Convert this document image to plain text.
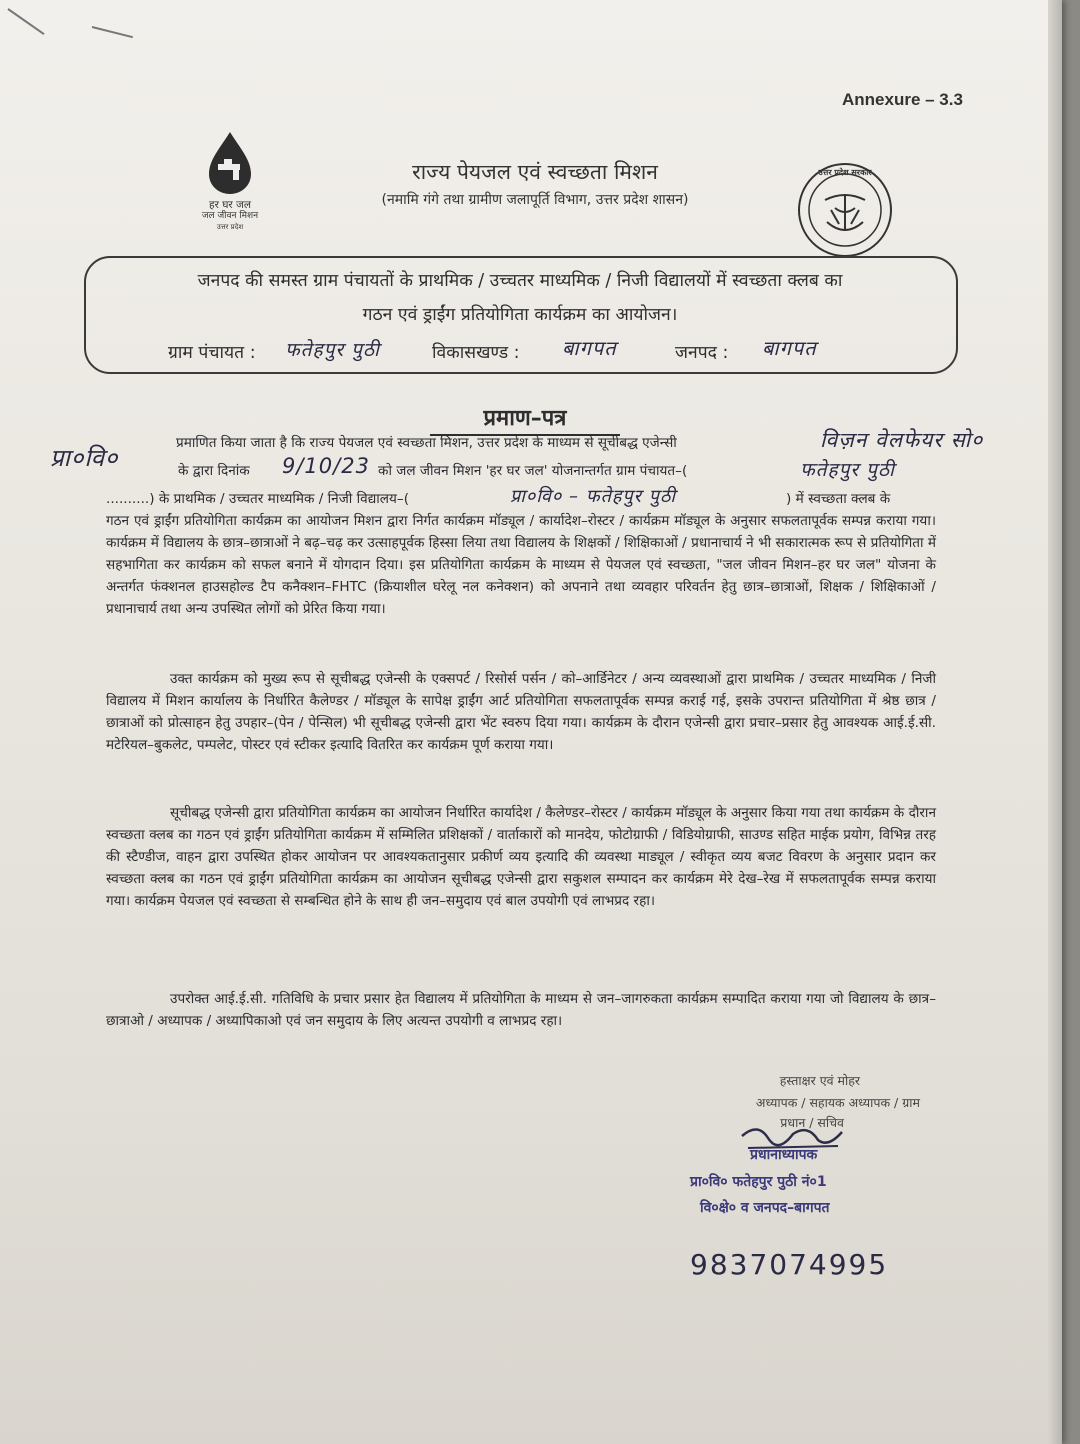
Annexure – 3.3
हर घर जल
जल जीवन मिशन
उत्तर प्रदेश
उत्तर प्रदेश सरकार
राज्य पेयजल एवं स्वच्छता मिशन
(नमामि गंगे तथा ग्रामीण जलापूर्ति विभाग, उत्तर प्रदेश शासन)
जनपद की समस्त ग्राम पंचायतों के प्राथमिक / उच्चतर माध्यमिक / निजी विद्यालयों में स्वच्छता क्लब का
गठन एवं ड्राईंग प्रतियोगिता कार्यक्रम का आयोजन।
ग्राम पंचायत : फतेहपुर पुठी	विकासखण्ड : बागपत	जनपद : बागपत
प्रमाण–पत्र
प्रा०वि०
प्रमाणित किया जाता है कि राज्य पेयजल एवं स्वच्छता मिशन, उत्तर प्रदेश के माध्यम से सूचीबद्ध एजेन्सी	विज़न वेलफेयर सो०
के द्वारा दिनांक	9/10/23 को जल जीवन मिशन 'हर घर जल' योजनान्तर्गत ग्राम पंचायत–(	फतेहपुर पुठी
..........) के प्राथमिक / उच्चतर माध्यमिक / निजी विद्यालय–(	प्रा०वि० – फतेहपुर पुठी	) में स्वच्छता क्लब के
गठन एवं ड्राईंग प्रतियोगिता कार्यक्रम का आयोजन मिशन द्वारा निर्गत कार्यक्रम मॉड्यूल / कार्यादेश–रोस्टर / कार्यक्रम मॉड्यूल के अनुसार सफलतापूर्वक सम्पन्न कराया गया। कार्यक्रम में विद्यालय के छात्र–छात्राओं ने बढ़–चढ़ कर उत्साहपूर्वक हिस्सा लिया तथा विद्यालय के शिक्षकों / शिक्षिकाओं / प्रधानाचार्य ने भी सकारात्मक रूप से प्रतियोगिता में सहभागिता कर कार्यक्रम को सफल बनाने में योगदान दिया। इस प्रतियोगिता कार्यक्रम के माध्यम से पेयजल एवं स्वच्छता, "जल जीवन मिशन–हर घर जल" योजना के अन्तर्गत फंक्शनल हाउसहोल्ड टैप कनैक्शन–FHTC (क्रियाशील घरेलू नल कनेक्शन) को अपनाने तथा व्यवहार परिवर्तन हेतु छात्र–छात्राओं, शिक्षक / शिक्षिकाओं / प्रधानाचार्य तथा अन्य उपस्थित लोगों को प्रेरित किया गया।
उक्त कार्यक्रम को मुख्य रूप से सूचीबद्ध एजेन्सी के एक्सपर्ट / रिसोर्स पर्सन / को–आर्डिनेटर / अन्य व्यवस्थाओं द्वारा प्राथमिक / उच्चतर माध्यमिक / निजी विद्यालय में मिशन कार्यालय के निर्धारित कैलेण्डर / मॉड्यूल के सापेक्ष ड्राईंग आर्ट प्रतियोगिता सफलतापूर्वक सम्पन्न कराई गई, इसके उपरान्त प्रतियोगिता में श्रेष्ठ छात्र / छात्राओं को प्रोत्साहन हेतु उपहार–(पेन / पेन्सिल) भी सूचीबद्ध एजेन्सी द्वारा भेंट स्वरुप दिया गया। कार्यक्रम के दौरान एजेन्सी द्वारा प्रचार–प्रसार हेतु आवश्यक आई.ई.सी. मटेरियल–बुकलेट, पम्पलेट, पोस्टर एवं स्टीकर इत्यादि वितरित कर कार्यक्रम पूर्ण कराया गया।
सूचीबद्ध एजेन्सी द्वारा प्रतियोगिता कार्यक्रम का आयोजन निर्धारित कार्यादेश / कैलेण्डर–रोस्टर / कार्यक्रम मॉड्यूल के अनुसार किया गया तथा कार्यक्रम के दौरान स्वच्छता क्लब का गठन एवं ड्राईंग प्रतियोगिता कार्यक्रम में सम्मिलित प्रशिक्षकों / वार्ताकारों को मानदेय, फोटोग्राफी / विडियोग्राफी, साउण्ड सहित माईक प्रयोग, विभिन्न तरह की स्टैण्डीज, वाहन द्वारा उपस्थित होकर आयोजन पर आवश्यकतानुसार प्रकीर्ण व्यय इत्यादि की व्यवस्था माड्यूल / स्वीकृत व्यय बजट विवरण के अनुसार प्रदान कर स्वच्छता क्लब का गठन एवं ड्राईंग प्रतियोगिता कार्यक्रम का आयोजन सूचीबद्ध एजेन्सी द्वारा सकुशल सम्पादन कर कार्यक्रम मेरे देख–रेख में सफलतापूर्वक सम्पन्न कराया गया। कार्यक्रम पेयजल एवं स्वच्छता से सम्बन्धित होने के साथ ही जन–समुदाय एवं बाल उपयोगी एवं लाभप्रद रहा।
उपरोक्त आई.ई.सी. गतिविधि के प्रचार प्रसार हेत विद्यालय में प्रतियोगिता के माध्यम से जन–जागरुकता कार्यक्रम सम्पादित कराया गया जो विद्यालय के छात्र–छात्राओ / अध्यापक / अध्यापिकाओ एवं जन समुदाय के लिए अत्यन्त उपयोगी व लाभप्रद रहा।
हस्ताक्षर एवं मोहर
अध्यापक / सहायक अध्यापक / ग्राम
प्रधान / सचिव
प्रधानाध्यापक
प्रा०वि० फतेहपुर पुठी नं०1
वि०क्षे० व जनपद–बागपत
9837074995
